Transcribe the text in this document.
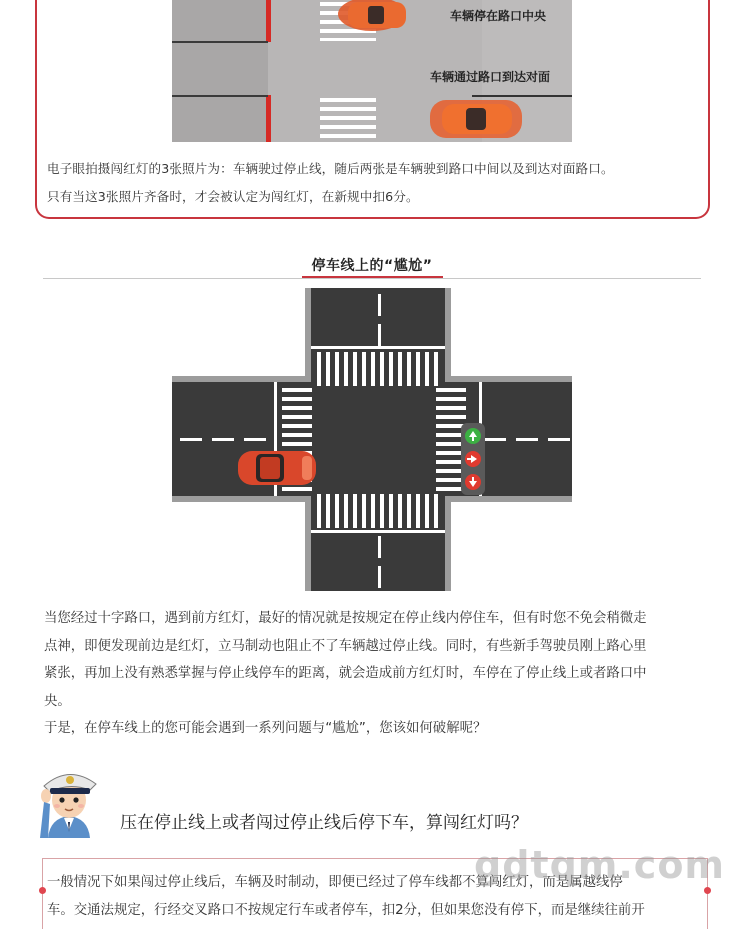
车辆停在路口中央
车辆通过路口到达对面
电子眼拍摄闯红灯的3张照片为：车辆驶过停止线，随后两张是车辆驶到路口中间以及到达对面路口。
只有当这3张照片齐备时，才会被认定为闯红灯，在新规中扣6分。
停车线上的“尴尬”
当您经过十字路口，遇到前方红灯，最好的情况就是按规定在停止线内停住车，但有时您不免会稍微走
点神，即便发现前边是红灯，立马制动也阻止不了车辆越过停止线。同时，有些新手驾驶员刚上路心里
紧张，再加上没有熟悉掌握与停止线停车的距离，就会造成前方红灯时，车停在了停止线上或者路口中
央。
于是，在停车线上的您可能会遇到一系列问题与“尴尬”，您该如何破解呢？
压在停止线上或者闯过停止线后停下车，算闯红灯吗？
一般情况下如果闯过停止线后，车辆及时制动，即便已经过了停车线都不算闯红灯，而是属越线停
车。交通法规定，行经交叉路口不按规定行车或者停车，扣2分，但如果您没有停下，而是继续往前开
gdtqm.com
